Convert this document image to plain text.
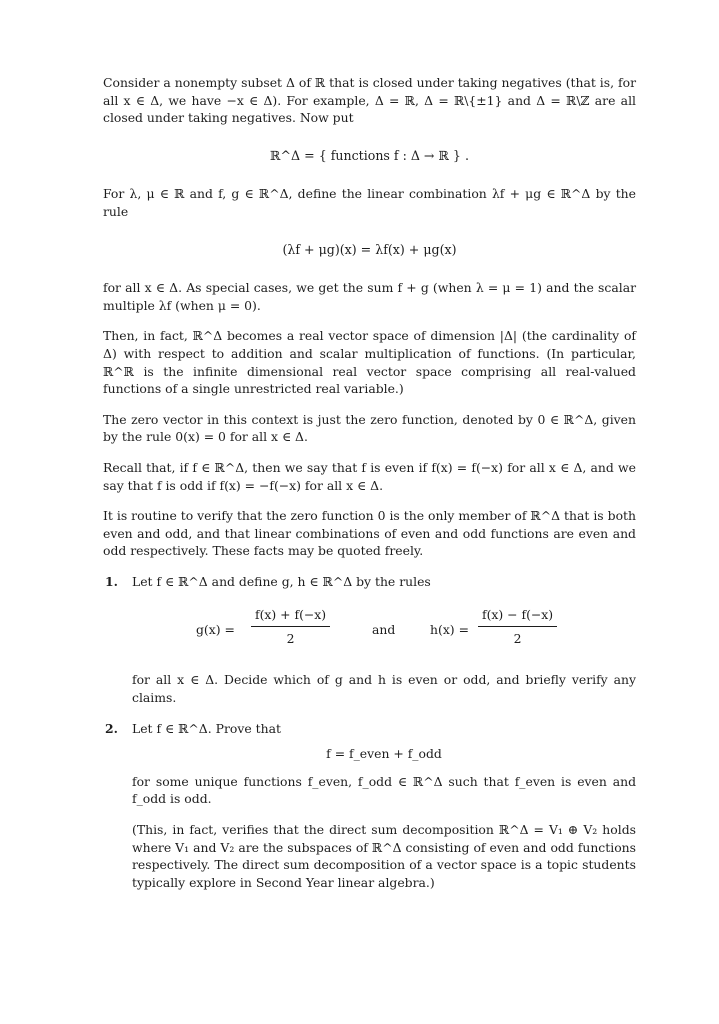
Consider a nonempty subset Δ of ℝ that is closed under taking negatives (that is, for all x ∈ Δ, we have −x ∈ Δ). For example, Δ = ℝ, Δ = ℝ\{±1} and Δ = ℝ\ℤ are all closed under taking negatives. Now put

ℝ^Δ = { functions f : Δ → ℝ } .

For λ, μ ∈ ℝ and f, g ∈ ℝ^Δ, define the linear combination λf + μg ∈ ℝ^Δ by the rule

(λf + μg)(x) = λf(x) + μg(x)

for all x ∈ Δ. As special cases, we get the sum f + g (when λ = μ = 1) and the scalar multiple λf (when μ = 0).

Then, in fact, ℝ^Δ becomes a real vector space of dimension |Δ| (the cardinality of Δ) with respect to addition and scalar multiplication of functions. (In particular, ℝ^ℝ is the infinite dimensional real vector space comprising all real-valued functions of a single unrestricted real variable.)

The zero vector in this context is just the zero function, denoted by 0 ∈ ℝ^Δ, given by the rule 0(x) = 0 for all x ∈ Δ.

Recall that, if f ∈ ℝ^Δ, then we say that f is even if f(x) = f(−x) for all x ∈ Δ, and we say that f is odd if f(x) = −f(−x) for all x ∈ Δ.

It is routine to verify that the zero function 0 is the only member of ℝ^Δ that is both even and odd, and that linear combinations of even and odd functions are even and odd respectively. These facts may be quoted freely.

1. Let f ∈ ℝ^Δ and define g, h ∈ ℝ^Δ by the rules

$g(x) = \frac{f(x) + f(-x)}{2}$	and	$h(x) = \frac{f(x) - f(-x)}{2}$

for all x ∈ Δ. Decide which of g and h is even or odd, and briefly verify any claims.

2. Let f ∈ ℝ^Δ. Prove that

f = f_even + f_odd

for some unique functions f_even, f_odd ∈ ℝ^Δ such that f_even is even and f_odd is odd.

(This, in fact, verifies that the direct sum decomposition ℝ^Δ = V₁ ⊕ V₂ holds where V₁ and V₂ are the subspaces of ℝ^Δ consisting of even and odd functions respectively. The direct sum decomposition of a vector space is a topic students typically explore in Second Year linear algebra.)
